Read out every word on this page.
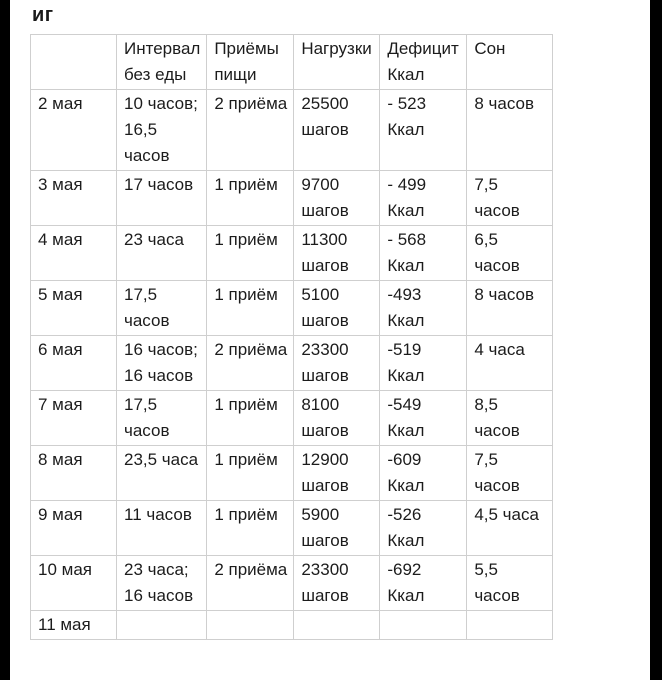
иг
	Интервал без еды	Приёмы пищи	Нагрузки	Дефицит Ккал	Сон
2 мая	10 часов; 16,5 часов	2 приёма	25500 шагов	- 523 Ккал	8 часов
3 мая	17 часов	1 приём	9700 шагов	- 499 Ккал	7,5 часов
4 мая	23 часа	1 приём	11300 шагов	- 568 Ккал	6,5 часов
5 мая	17,5 часов	1 приём	5100 шагов	-493 Ккал	8 часов
6 мая	16 часов; 16 часов	2 приёма	23300 шагов	-519 Ккал	4 часа
7 мая	17,5 часов	1 приём	8100 шагов	-549 Ккал	8,5 часов
8 мая	23,5 часа	1 приём	12900 шагов	-609 Ккал	7,5 часов
9 мая	11 часов	1 приём	5900 шагов	-526 Ккал	4,5 часа
10 мая	23 часа; 16 часов	2 приёма	23300 шагов	-692 Ккал	5,5 часов
11 мая					
